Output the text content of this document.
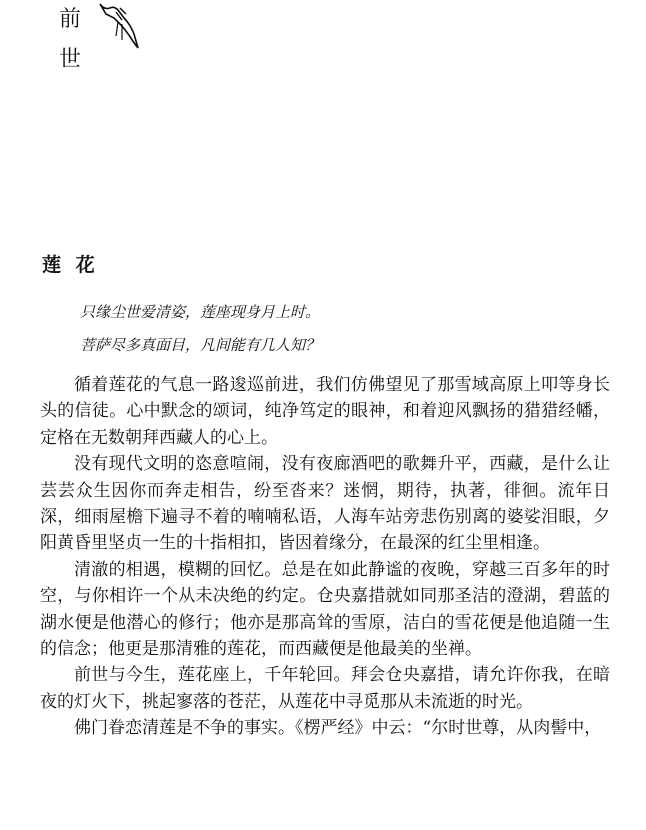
前
世
莲 花
只缘尘世爱清姿，莲座现身月上时。
菩萨尽多真面目，凡间能有几人知？

循着莲花的气息一路逡巡前进，我们仿佛望见了那雪域高原上叩等身长头的信徒。心中默念的颂词，纯净笃定的眼神，和着迎风飘扬的猎猎经幡，定格在无数朝拜西藏人的心上。

没有现代文明的恣意喧闹，没有夜廊酒吧的歌舞升平，西藏，是什么让芸芸众生因你而奔走相告，纷至沓来？迷惘，期待，执著，徘徊。流年日深，细雨屋檐下遍寻不着的喃喃私语，人海车站旁悲伤别离的婆娑泪眼，夕阳黄昏里坚贞一生的十指相扣，皆因着缘分，在最深的红尘里相逢。

清澈的相遇，模糊的回忆。总是在如此静谧的夜晚，穿越三百多年的时空，与你相许一个从未决绝的约定。仓央嘉措就如同那圣洁的澄湖，碧蓝的湖水便是他潜心的修行；他亦是那高耸的雪原，洁白的雪花便是他追随一生的信念；他更是那清雅的莲花，而西藏便是他最美的坐禅。

前世与今生，莲花座上，千年轮回。拜会仓央嘉措，请允许你我，在暗夜的灯火下，挑起寥落的苍茫，从莲花中寻觅那从未流逝的时光。

佛门眷恋清莲是不争的事实。《楞严经》中云：“尔时世尊，从肉髻中，
